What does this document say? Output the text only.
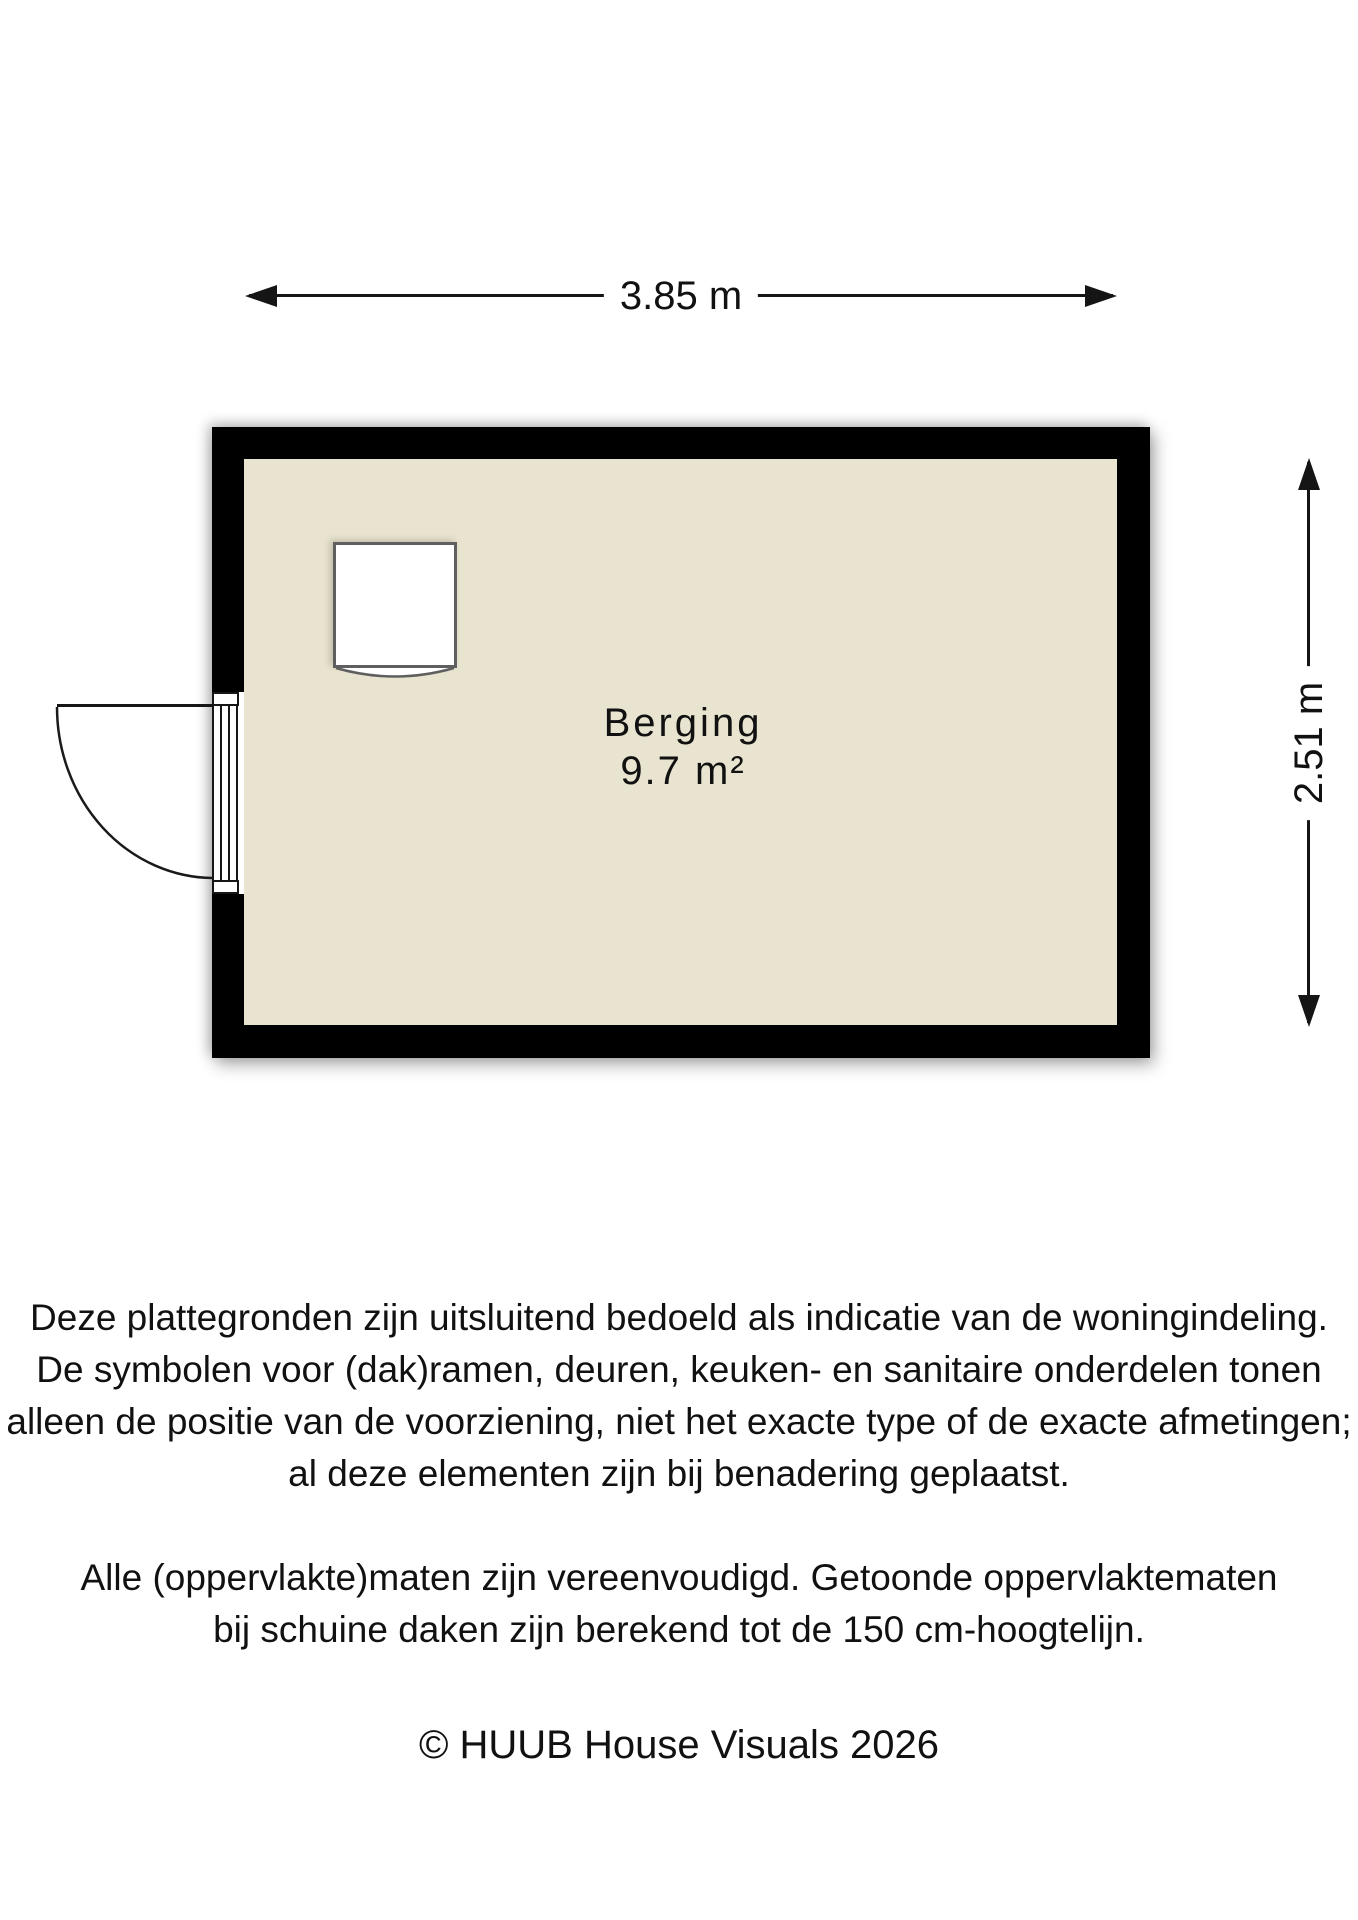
3.85 m
2.51 m
Berging
9.7 m²
Deze plattegronden zijn uitsluitend bedoeld als indicatie van de woningindeling.
De symbolen voor (dak)ramen, deuren, keuken- en sanitaire onderdelen tonen
alleen de positie van de voorziening, niet het exacte type of de exacte afmetingen;
al deze elementen zijn bij benadering geplaatst.
Alle (oppervlakte)maten zijn vereenvoudigd. Getoonde oppervlaktematen
bij schuine daken zijn berekend tot de 150 cm-hoogtelijn.
© HUUB House Visuals 2026
